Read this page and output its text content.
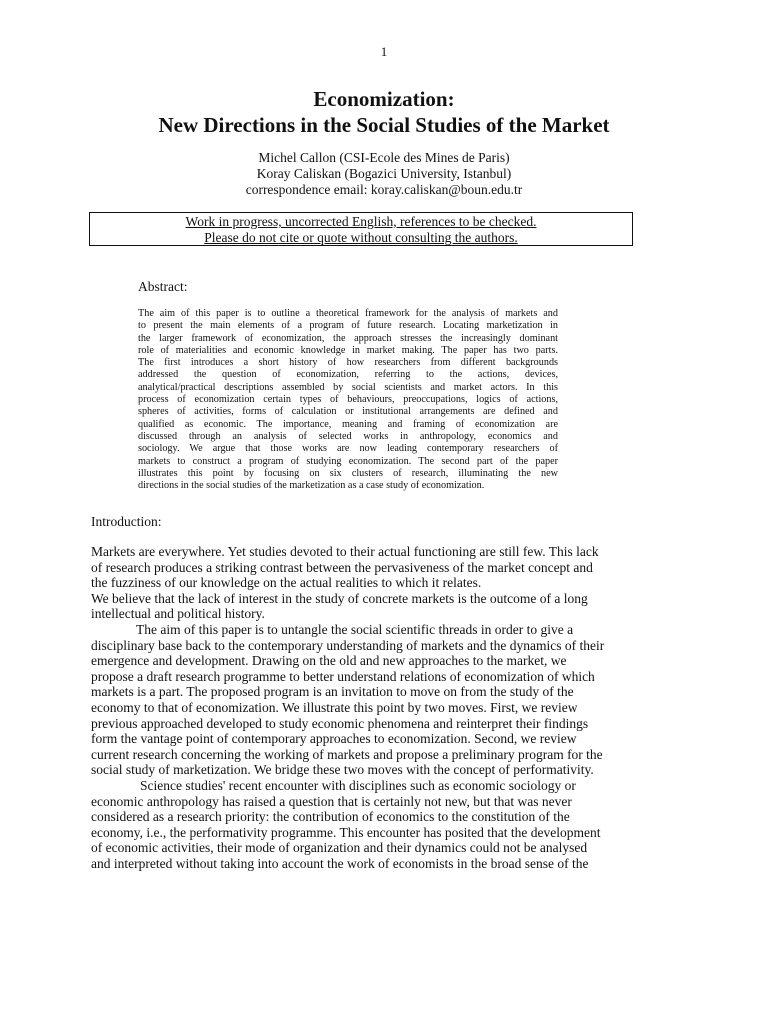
1
Economization:
New Directions in the Social Studies of the Market
Michel Callon (CSI-Ecole des Mines de Paris)
Koray Caliskan (Bogazici University, Istanbul)
correspondence email: koray.caliskan@boun.edu.tr
Work in progress, uncorrected English, references to be checked.
Please do not cite or quote without consulting the authors.
Abstract:
The aim of this paper is to outline a theoretical framework for the analysis of markets and
to present the main elements of a program of future research. Locating marketization in
the larger framework of economization, the approach stresses the increasingly dominant
role of materialities and economic knowledge in market making. The paper has two parts.
The first introduces a short history of how researchers from different backgrounds
addressed the question of economization, referring to the actions, devices,
analytical/practical descriptions assembled by social scientists and market actors. In this
process of economization certain types of behaviours, preoccupations, logics of actions,
spheres of activities, forms of calculation or institutional arrangements are defined and
qualified as economic. The importance, meaning and framing of economization are
discussed through an analysis of selected works in anthropology, economics and
sociology. We argue that those works are now leading contemporary researchers of
markets to construct a program of studying economization. The second part of the paper
illustrates this point by focusing on six clusters of research, illuminating the new
directions in the social studies of the marketization as a case study of economization.
Introduction:
Markets are everywhere. Yet studies devoted to their actual functioning are still few. This lack
of research produces a striking contrast between the pervasiveness of the market concept and
the fuzziness of our knowledge on the actual realities to which it relates.
We believe that the lack of interest in the study of concrete markets is the outcome of a long
intellectual and political history.
The aim of this paper is to untangle the social scientific threads in order to give a
disciplinary base back to the contemporary understanding of markets and the dynamics of their
emergence and development. Drawing on the old and new approaches to the market, we
propose a draft research programme to better understand relations of economization of which
markets is a part. The proposed program is an invitation to move on from the study of the
economy to that of economization. We illustrate this point by two moves. First, we review
previous approached developed to study economic phenomena and reinterpret their findings
form the vantage point of contemporary approaches to economization. Second, we review
current research concerning the working of markets and propose a preliminary program for the
social study of marketization. We bridge these two moves with the concept of performativity.
Science studies' recent encounter with disciplines such as economic sociology or
economic anthropology has raised a question that is certainly not new, but that was never
considered as a research priority: the contribution of economics to the constitution of the
economy, i.e., the performativity programme. This encounter has posited that the development
of economic activities, their mode of organization and their dynamics could not be analysed
and interpreted without taking into account the work of economists in the broad sense of the
